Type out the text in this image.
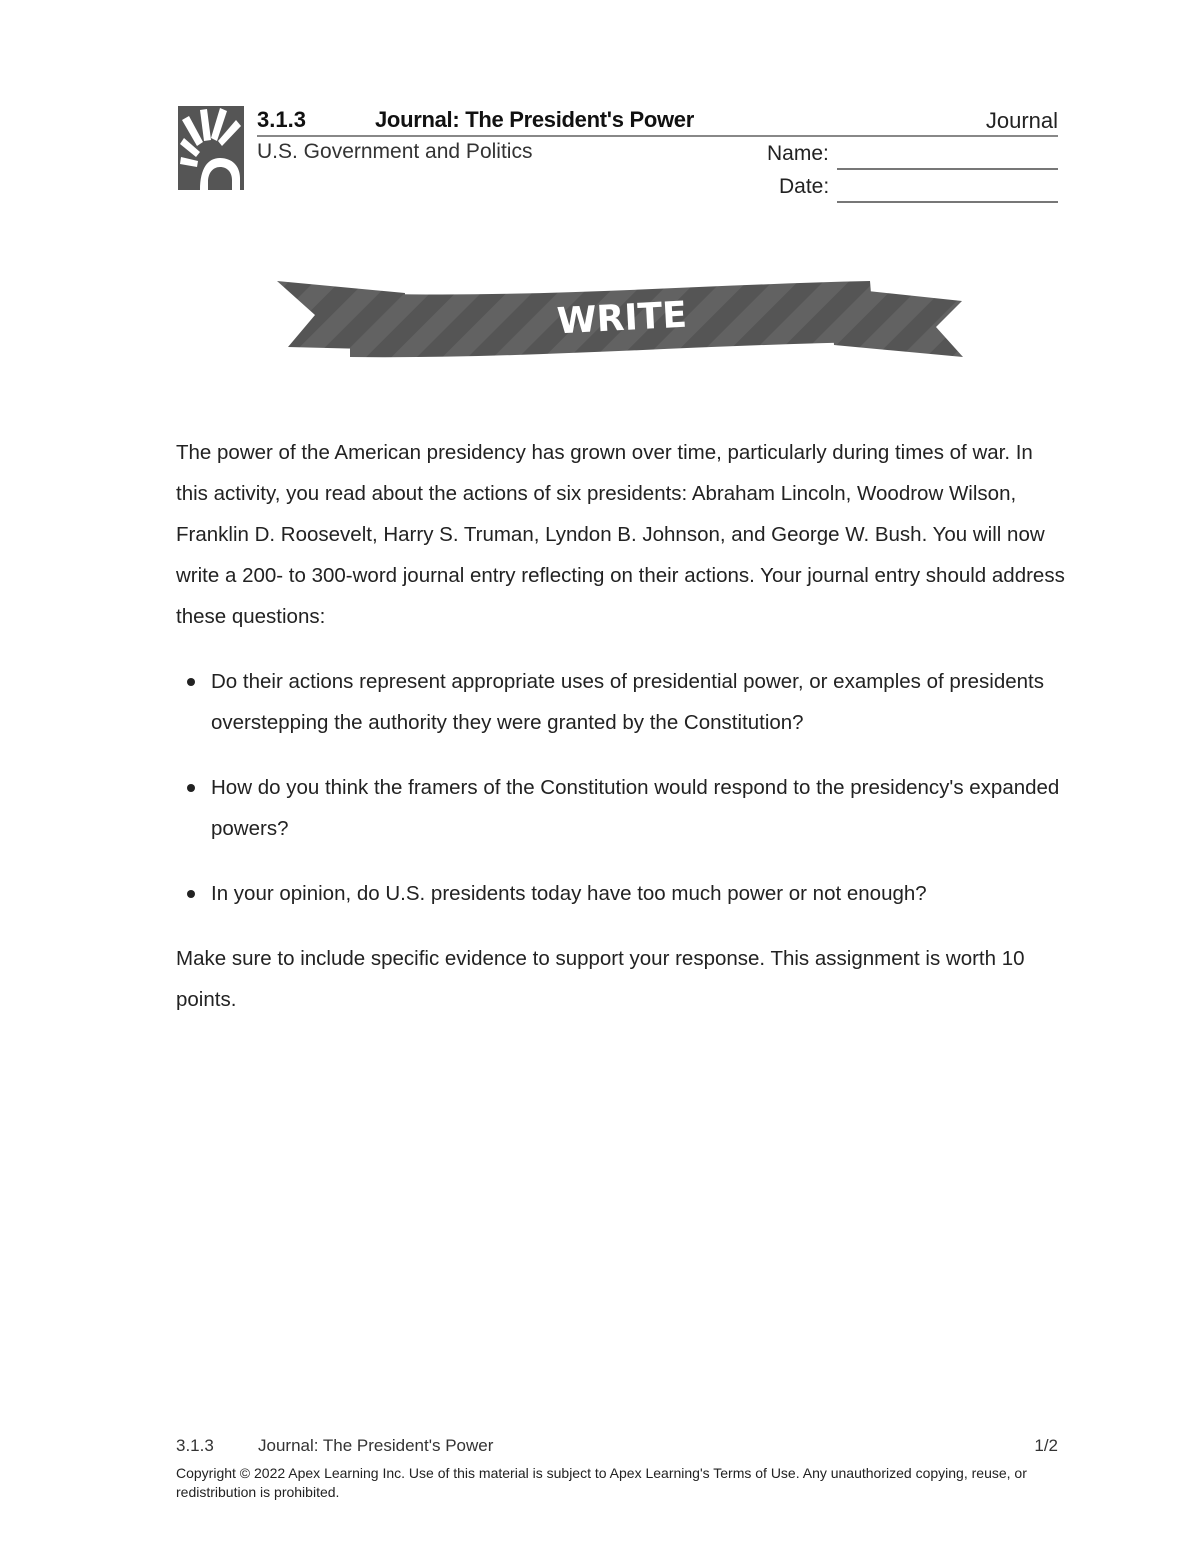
3.1.3	Journal: The President's Power	Journal
U.S. Government and Politics	Name:
Date:
WRITE

The power of the American presidency has grown over time, particularly during times of war. In this activity, you read about the actions of six presidents: Abraham Lincoln, Woodrow Wilson, Franklin D. Roosevelt, Harry S. Truman, Lyndon B. Johnson, and George W. Bush. You will now write a 200- to 300-word journal entry reflecting on their actions. Your journal entry should address these questions:

Do their actions represent appropriate uses of presidential power, or examples of presidents overstepping the authority they were granted by the Constitution?
How do you think the framers of the Constitution would respond to the presidency's expanded powers?
In your opinion, do U.S. presidents today have too much power or not enough?

Make sure to include specific evidence to support your response. This assignment is worth 10 points.

3.1.3	Journal: The President's Power	1/2
Copyright © 2022 Apex Learning Inc. Use of this material is subject to Apex Learning's Terms of Use. Any unauthorized copying, reuse, or redistribution is prohibited.
